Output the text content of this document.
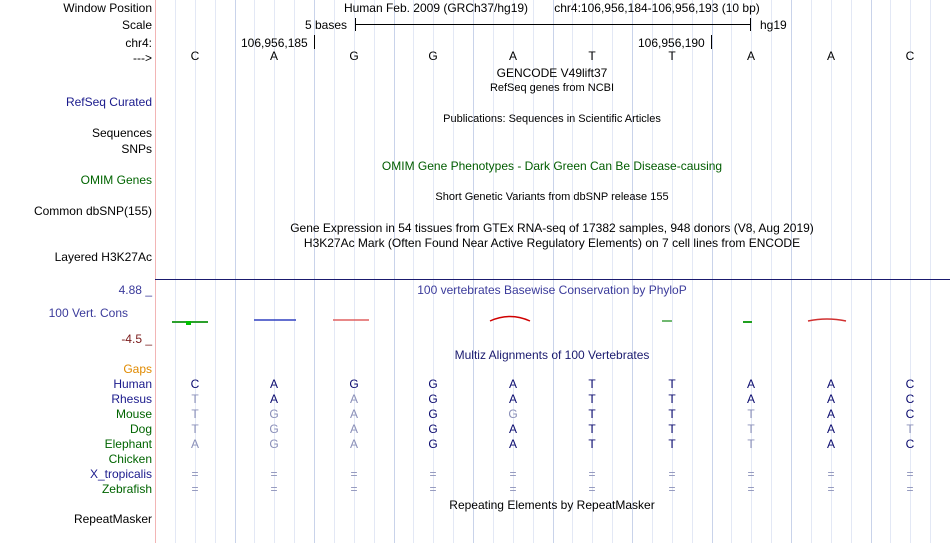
Window Position	Human Feb. 2009 (GRCh37/hg19) chr4:106,956,184-106,956,193 (10 bp)
Scale	5 bases	hg19
chr4:	106,956,185	106,956,190
--->	C	A	G	G	A	T	T	A	A	C
GENCODE V49lift37
RefSeq genes from NCBI
RefSeq Curated
Publications: Sequences in Scientific Articles
Sequences
SNPs
OMIM Gene Phenotypes - Dark Green Can Be Disease-causing
OMIM Genes
Short Genetic Variants from dbSNP release 155
Common dbSNP(155)
Gene Expression in 54 tissues from GTEx RNA-seq of 17382 samples, 948 donors (V8, Aug 2019)
H3K27Ac Mark (Often Found Near Active Regulatory Elements) on 7 cell lines from ENCODE
Layered H3K27Ac
4.88 _	100 vertebrates Basewise Conservation by PhyloP
100 Vert. Cons
-4.5 _
Multiz Alignments of 100 Vertebrates
Gaps
Human	C	A	G	G	A	T	T	A	A	C
Rhesus	T	A	A	G	A	T	T	A	A	C
Mouse	T	G	A	G	G	T	T	T	A	C
Dog	T	G	A	G	A	T	T	T	A	T
Elephant	A	G	A	G	A	T	T	T	A	C
Chicken
X_tropicalis	=	=	=	=	=	=	=	=	=	=
Zebrafish	=	=	=	=	=	=	=	=	=	=
Repeating Elements by RepeatMasker
RepeatMasker
